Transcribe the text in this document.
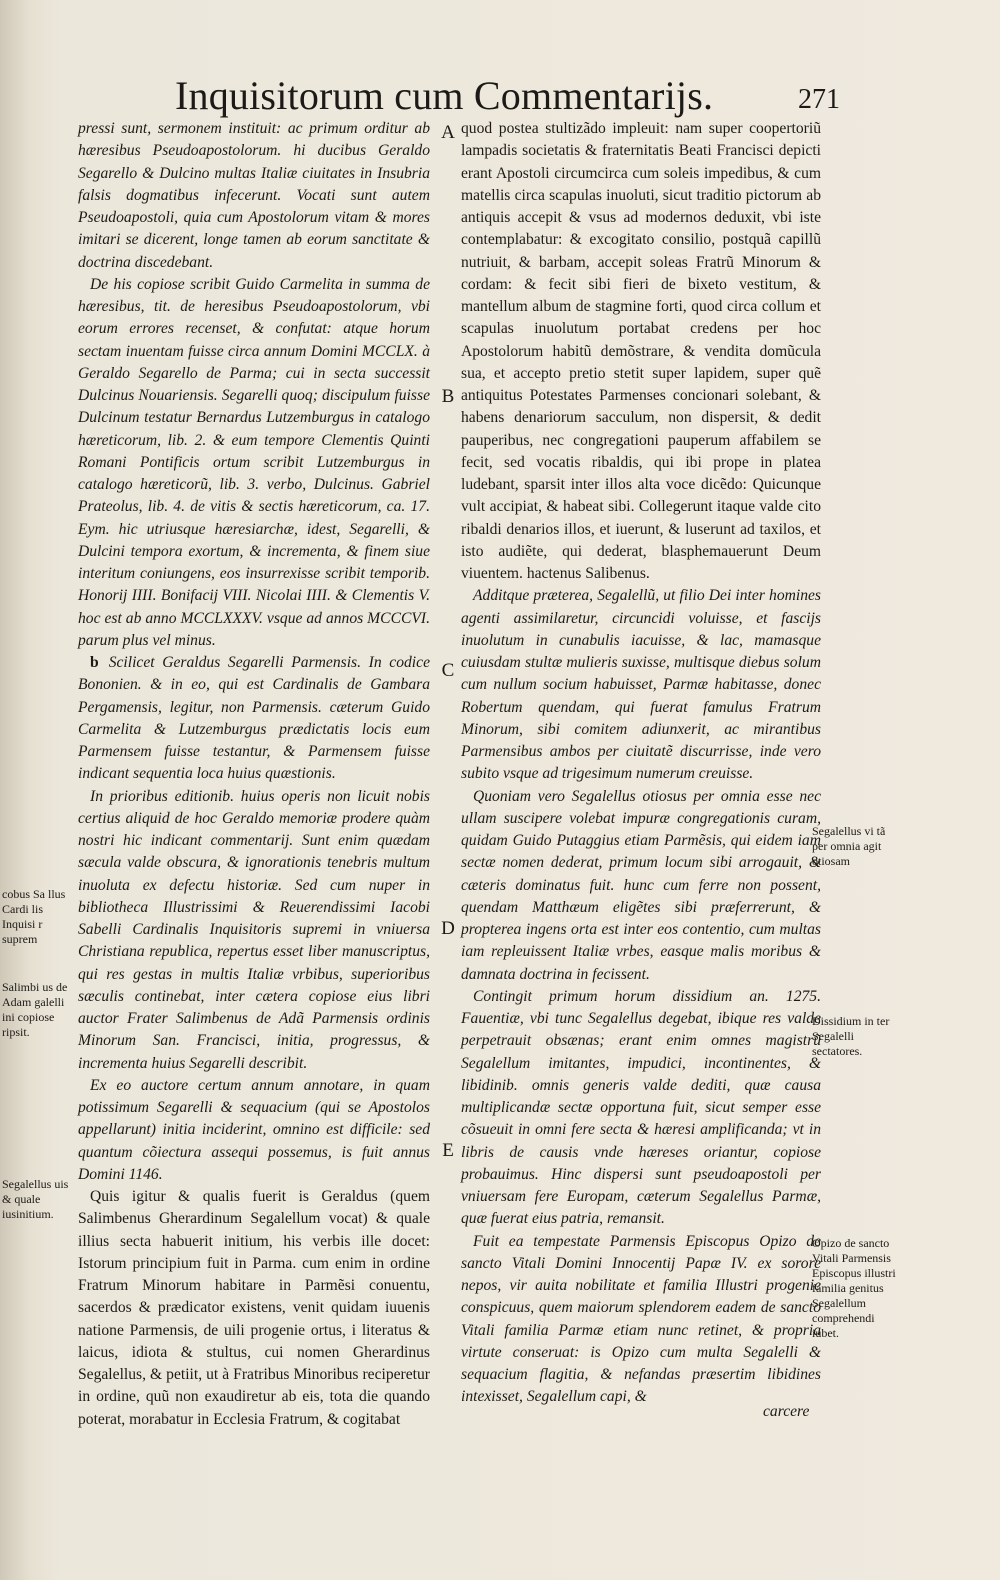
Inquisitorum cum Commentarijs.	271

pressi sunt, sermonem instituit: ac primum orditur ab hæresibus Pseudoapostolorum. hi ducibus Geraldo Segarello & Dulcino multas Italiæ ciuitates in Insubria falsis dogmatibus infecerunt. Vocati sunt autem Pseudoapostoli, quia cum Apostolorum vitam & mores imitari se dicerent, longe tamen ab eorum sanctitate & doctrina discedebant.

De his copiose scribit Guido Carmelita in summa de hæresibus, tit. de heresibus Pseudoapostolorum, vbi eorum errores recenset, & confutat: atque horum sectam inuentam fuisse circa annum Domini MCCLX. à Geraldo Segarello de Parma; cui in secta successit Dulcinus Nouariensis. Segarelli quoq; discipulum fuisse Dulcinum testatur Bernardus Lutzemburgus in catalogo hæreticorum, lib. 2. & eum tempore Clementis Quinti Romani Pontificis ortum scribit Lutzemburgus in catalogo hæreticorũ, lib. 3. verbo, Dulcinus. Gabriel Prateolus, lib. 4. de vitis & sectis hæreticorum, ca. 17. Eym. hic utriusque hæresiarchæ, idest, Segarelli, & Dulcini tempora exortum, & incrementa, & finem siue interitum coniungens, eos insurrexisse scribit temporib. Honorij IIII. Bonifacij VIII. Nicolai IIII. & Clementis V. hoc est ab anno MCCLXXXV. vsque ad annos MCCCVI. parum plus vel minus.

b Scilicet Geraldus Segarelli Parmensis. In codice Bononien. & in eo, qui est Cardinalis de Gambara Pergamensis, legitur, non Parmensis. cæterum Guido Carmelita & Lutzemburgus prædictatis locis eum Parmensem fuisse testantur, & Parmensem fuisse indicant sequentia loca huius quæstionis.

In prioribus editionib. huius operis non licuit nobis certius aliquid de hoc Geraldo memoriæ prodere quàm nostri hic indicant commentarij. Sunt enim quædam sæcula valde obscura, & ignorationis tenebris multum inuoluta ex defectu historiæ. Sed cum nuper in bibliotheca Illustrissimi & Reuerendissimi Iacobi Sabelli Cardinalis Inquisitoris supremi in vniuersa Christiana republica, repertus esset liber manuscriptus, qui res gestas in multis Italiæ vrbibus, superioribus sæculis continebat, inter cætera copiose eius libri auctor Frater Salimbenus de Adã Parmensis ordinis Minorum San. Francisci, initia, progressus, & incrementa huius Segarelli describit.

Ex eo auctore certum annum annotare, in quam potissimum Segarelli & sequacium (qui se Apostolos appellarunt) initia inciderint, omnino est difficile: sed quantum cõiectura assequi possemus, is fuit annus Domini 1146.

Quis igitur & qualis fuerit is Geraldus (quem Salimbenus Gherardinum Segalellum vocat) & quale illius secta habuerit initium, his verbis ille docet: Istorum principium fuit in Parma. cum enim in ordine Fratrum Minorum habitare in Parmẽsi conuentu, sacerdos & prædicator existens, venit quidam iuuenis natione Parmensis, de uili progenie ortus, i literatus & laicus, idiota & stultus, cui nomen Gherardinus Segalellus, & petiit, ut à Fratribus Minoribus reciperetur in ordine, quũ non exaudiretur ab eis, tota die quando poterat, morabatur in Ecclesia Fratrum, & cogitabat

quod postea stultizãdo impleuit: nam super coopertoriũ lampadis societatis & fraternitatis Beati Francisci depicti erant Apostoli circumcirca cum soleis impedibus, & cum matellis circa scapulas inuoluti, sicut traditio pictorum ab antiquis accepit & vsus ad modernos deduxit, vbi iste contemplabatur: & excogitato consilio, postquã capillũ nutriuit, & barbam, accepit soleas Fratrũ Minorum & cordam: & fecit sibi fieri de bixeto vestitum, & mantellum album de stagmine forti, quod circa collum et scapulas inuolutum portabat credens per hoc Apostolorum habitũ demõstrare, & vendita domũcula sua, et accepto pretio stetit super lapidem, super quẽ antiquitus Potestates Parmenses concionari solebant, & habens denariorum sacculum, non dispersit, & dedit pauperibus, nec congregationi pauperum affabilem se fecit, sed vocatis ribaldis, qui ibi prope in platea ludebant, sparsit inter illos alta voce dicẽdo: Quicunque vult accipiat, & habeat sibi. Collegerunt itaque valde cito ribaldi denarios illos, et iuerunt, & luserunt ad taxilos, et isto audiẽte, qui dederat, blasphemauerunt Deum viuentem. hactenus Salibenus.

Additque præterea, Segalellũ, ut filio Dei inter homines agenti assimilaretur, circuncidi voluisse, et fascijs inuolutum in cunabulis iacuisse, & lac, mamasque cuiusdam stultæ mulieris suxisse, multisque diebus solum cum nullum socium habuisset, Parmæ habitasse, donec Robertum quendam, qui fuerat famulus Fratrum Minorum, sibi comitem adiunxerit, ac mirantibus Parmensibus ambos per ciuitatẽ discurrisse, inde vero subito vsque ad trigesimum numerum creuisse.

Quoniam vero Segalellus otiosus per omnia esse nec ullam suscipere volebat impuræ congregationis curam, quidam Guido Putaggius etiam Parmẽsis, qui eidem iam sectæ nomen dederat, primum locum sibi arrogauit, & cæteris dominatus fuit. hunc cum ferre non possent, quendam Matthæum eligẽtes sibi præferrerunt, & propterea ingens orta est inter eos contentio, cum multas iam repleuissent Italiæ vrbes, easque malis moribus & damnata doctrina in fecissent.

Contingit primum horum dissidium an. 1275. Fauentiæ, vbi tunc Segalellus degebat, ibique res valde perpetrauit obsænas; erant enim omnes magistrũ Segalellum imitantes, impudici, incontinentes, & libidinib. omnis generis valde dediti, quæ causa multiplicandæ sectæ opportuna fuit, sicut semper esse cõsueuit in omni fere secta & hæresi amplificanda; vt in libris de causis vnde hæreses oriantur, copiose probauimus. Hinc dispersi sunt pseudoapostoli per vniuersam fere Europam, cæterum Segalellus Parmæ, quæ fuerat eius patria, remansit.

Fuit ea tempestate Parmensis Episcopus Opizo de sancto Vitali Domini Innocentij Papæ IV. ex sorore nepos, vir auita nobilitate et familia Illustri progenie conspicuus, quem maiorum splendorem eadem de sancto Vitali familia Parmæ etiam nunc retinet, & propria virtute conseruat: is Opizo cum multa Segalelli & sequacium flagitia, & nefandas præsertim libidines intexisset, Segalellum capi, &

carcere
A
B
C
D
E
cobus Sa llus Cardi lis Inquisi r suprem
Salimbi us de Adam galelli ini copiose ripsit.
Segalellus uis & quale iusinitium.
Segalellus vi tã per omnia agit otiosam
Dissidium in ter Segalelli sectatores.
Opizo de sancto Vitali Parmensis Episcopus illustri familia genitus Segalellum comprehendi iubet.
